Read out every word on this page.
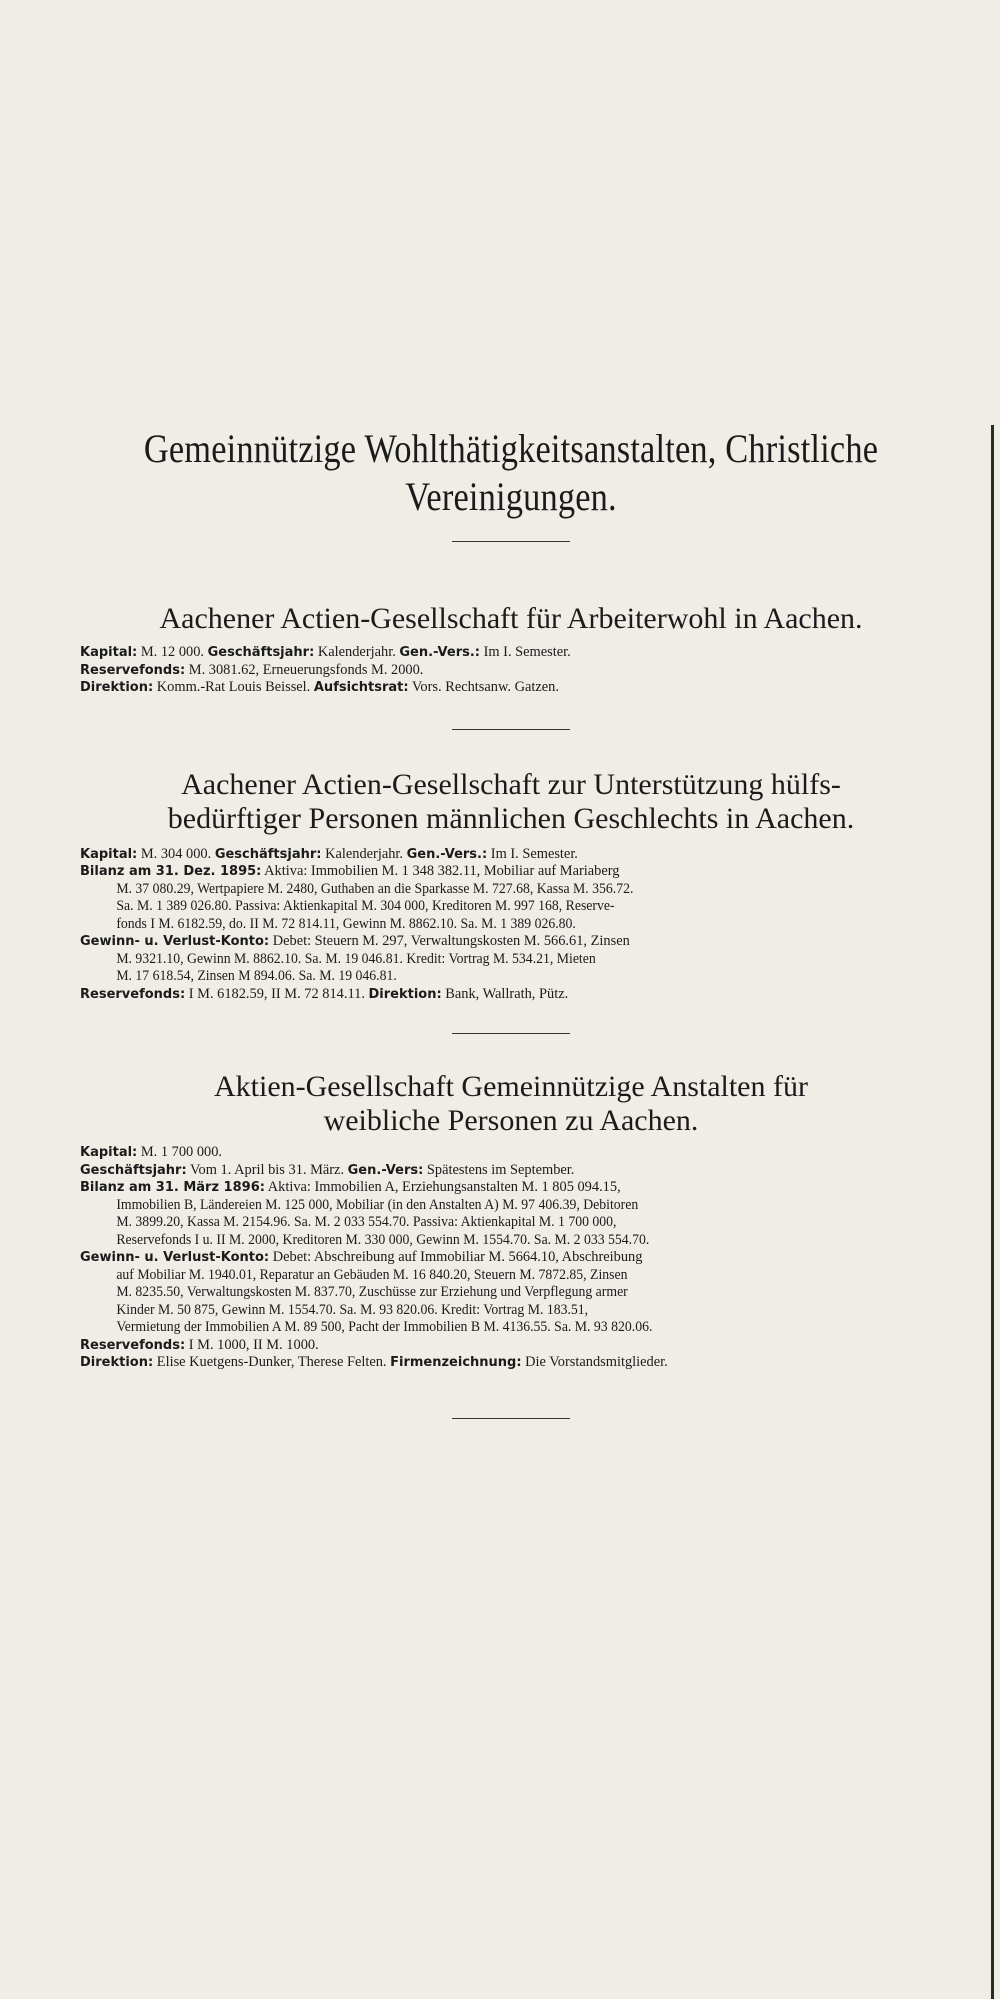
Gemeinnützige Wohlthätigkeitsanstalten, Christliche
Vereinigungen.
Aachener Actien-Gesellschaft für Arbeiterwohl in Aachen.

Kapital: M. 12 000. Geschäftsjahr: Kalenderjahr. Gen.-Vers.: Im I. Semester.

Reservefonds: M. 3081.62, Erneuerungsfonds M. 2000.

Direktion: Komm.-Rat Louis Beissel. Aufsichtsrat: Vors. Rechtsanw. Gatzen.

Aachener Actien-Gesellschaft zur Unterstützung hülfs-
bedürftiger Personen männlichen Geschlechts in Aachen.

Kapital: M. 304 000. Geschäftsjahr: Kalenderjahr. Gen.-Vers.: Im I. Semester.

Bilanz am 31. Dez. 1895: Aktiva: Immobilien M. 1 348 382.11, Mobiliar auf Mariaberg

M. 37 080.29, Wertpapiere M. 2480, Guthaben an die Sparkasse M. 727.68, Kassa M. 356.72.

Sa. M. 1 389 026.80. Passiva: Aktienkapital M. 304 000, Kreditoren M. 997 168, Reserve-

fonds I M. 6182.59, do. II M. 72 814.11, Gewinn M. 8862.10. Sa. M. 1 389 026.80.

Gewinn- u. Verlust-Konto: Debet: Steuern M. 297, Verwaltungskosten M. 566.61, Zinsen

M. 9321.10, Gewinn M. 8862.10. Sa. M. 19 046.81. Kredit: Vortrag M. 534.21, Mieten

M. 17 618.54, Zinsen M 894.06. Sa. M. 19 046.81.

Reservefonds: I M. 6182.59, II M. 72 814.11. Direktion: Bank, Wallrath, Pütz.

Aktien-Gesellschaft Gemeinnützige Anstalten für
weibliche Personen zu Aachen.

Kapital: M. 1 700 000.

Geschäftsjahr: Vom 1. April bis 31. März. Gen.-Vers: Spätestens im September.

Bilanz am 31. März 1896: Aktiva: Immobilien A, Erziehungsanstalten M. 1 805 094.15,

Immobilien B, Ländereien M. 125 000, Mobiliar (in den Anstalten A) M. 97 406.39, Debitoren

M. 3899.20, Kassa M. 2154.96. Sa. M. 2 033 554.70. Passiva: Aktienkapital M. 1 700 000,

Reservefonds I u. II M. 2000, Kreditoren M. 330 000, Gewinn M. 1554.70. Sa. M. 2 033 554.70.

Gewinn- u. Verlust-Konto: Debet: Abschreibung auf Immobiliar M. 5664.10, Abschreibung

auf Mobiliar M. 1940.01, Reparatur an Gebäuden M. 16 840.20, Steuern M. 7872.85, Zinsen

M. 8235.50, Verwaltungskosten M. 837.70, Zuschüsse zur Erziehung und Verpflegung armer

Kinder M. 50 875, Gewinn M. 1554.70. Sa. M. 93 820.06. Kredit: Vortrag M. 183.51,

Vermietung der Immobilien A M. 89 500, Pacht der Immobilien B M. 4136.55. Sa. M. 93 820.06.

Reservefonds: I M. 1000, II M. 1000.

Direktion: Elise Kuetgens-Dunker, Therese Felten. Firmenzeichnung: Die Vorstandsmitglieder.
